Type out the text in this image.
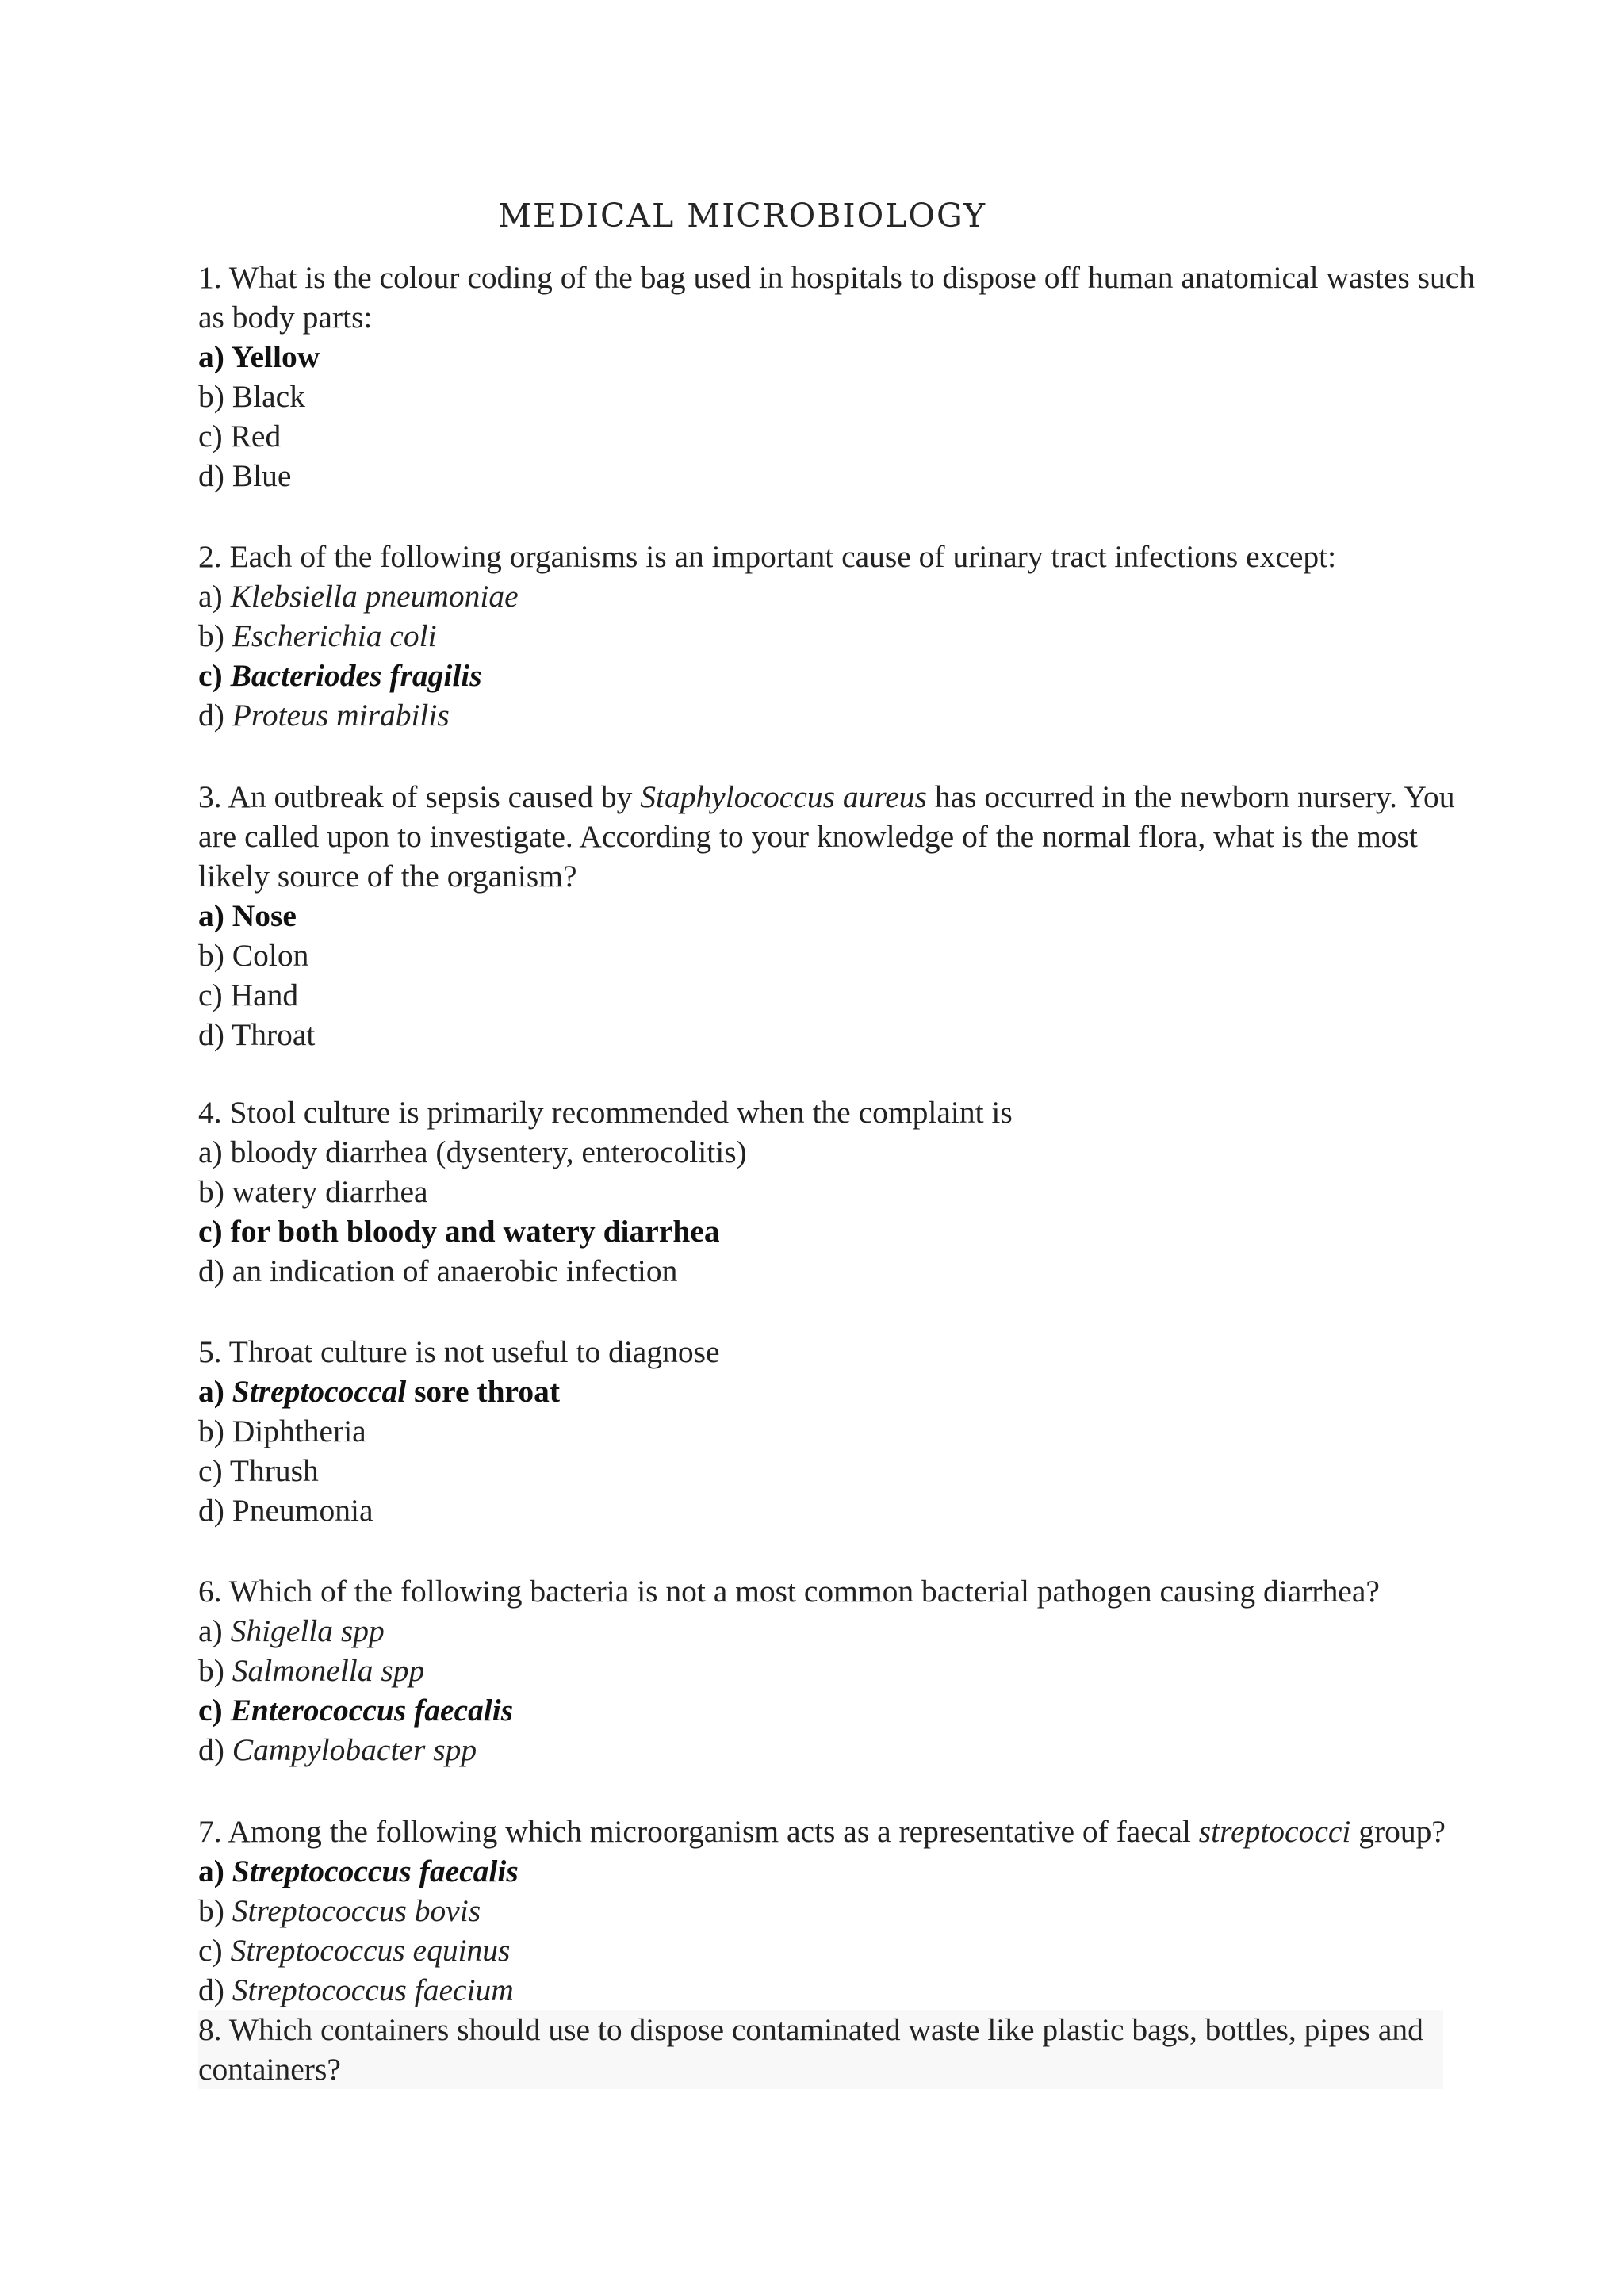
MEDICAL MICROBIOLOGY
1. What is the colour coding of the bag used in hospitals to dispose off human anatomical wastes such
as body parts:
a) Yellow
b) Black
c) Red
d) Blue
2. Each of the following organisms is an important cause of urinary tract infections except:
a) Klebsiella pneumoniae
b) Escherichia coli
c) Bacteriodes fragilis
d) Proteus mirabilis
3. An outbreak of sepsis caused by Staphylococcus aureus has occurred in the newborn nursery. You
are called upon to investigate. According to your knowledge of the normal flora, what is the most
likely source of the organism?
a) Nose
b) Colon
c) Hand
d) Throat
4. Stool culture is primarily recommended when the complaint is
a) bloody diarrhea (dysentery, enterocolitis)
b) watery diarrhea
c) for both bloody and watery diarrhea
d) an indication of anaerobic infection
5. Throat culture is not useful to diagnose
a) Streptococcal sore throat
b) Diphtheria
c) Thrush
d) Pneumonia
6. Which of the following bacteria is not a most common bacterial pathogen causing diarrhea?
a) Shigella spp
b) Salmonella spp
c) Enterococcus faecalis
d) Campylobacter spp
7. Among the following which microorganism acts as a representative of faecal streptococci group?
a) Streptococcus faecalis
b) Streptococcus bovis
c) Streptococcus equinus
d) Streptococcus faecium
8. Which containers should use to dispose contaminated waste like plastic bags, bottles, pipes and
containers?
